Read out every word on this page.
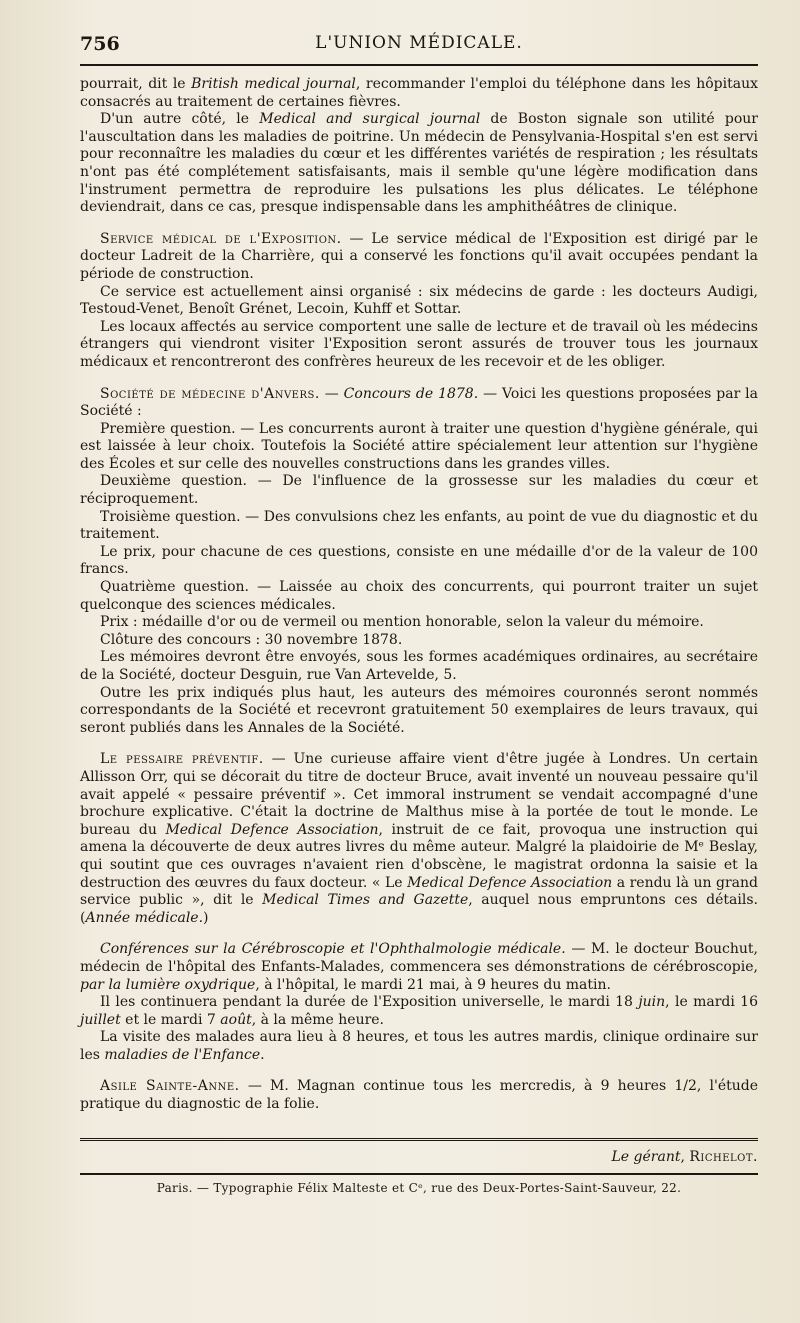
756	L'UNION MÉDICALE.

pourrait, dit le British medical journal, recommander l'emploi du téléphone dans les hôpitaux consacrés au traitement de certaines fièvres.

D'un autre côté, le Medical and surgical journal de Boston signale son utilité pour l'auscultation dans les maladies de poitrine. Un médecin de Pensylvania-Hospital s'en est servi pour reconnaître les maladies du cœur et les différentes variétés de respiration ; les résultats n'ont pas été complétement satisfaisants, mais il semble qu'une légère modification dans l'instrument permettra de reproduire les pulsations les plus délicates. Le téléphone deviendrait, dans ce cas, presque indispensable dans les amphithéâtres de clinique.

Service médical de l'Exposition. — Le service médical de l'Exposition est dirigé par le docteur Ladreit de la Charrière, qui a conservé les fonctions qu'il avait occupées pendant la période de construction.

Ce service est actuellement ainsi organisé : six médecins de garde : les docteurs Audigi, Testoud-Venet, Benoît Grénet, Lecoin, Kuhff et Sottar.

Les locaux affectés au service comportent une salle de lecture et de travail où les médecins étrangers qui viendront visiter l'Exposition seront assurés de trouver tous les journaux médicaux et rencontreront des confrères heureux de les recevoir et de les obliger.

Société de médecine d'Anvers. — Concours de 1878. — Voici les questions proposées par la Société :

Première question. — Les concurrents auront à traiter une question d'hygiène générale, qui est laissée à leur choix. Toutefois la Société attire spécialement leur attention sur l'hygiène des Écoles et sur celle des nouvelles constructions dans les grandes villes.

Deuxième question. — De l'influence de la grossesse sur les maladies du cœur et réciproquement.

Troisième question. — Des convulsions chez les enfants, au point de vue du diagnostic et du traitement.

Le prix, pour chacune de ces questions, consiste en une médaille d'or de la valeur de 100 francs.

Quatrième question. — Laissée au choix des concurrents, qui pourront traiter un sujet quelconque des sciences médicales.

Prix : médaille d'or ou de vermeil ou mention honorable, selon la valeur du mémoire.

Clôture des concours : 30 novembre 1878.

Les mémoires devront être envoyés, sous les formes académiques ordinaires, au secrétaire de la Société, docteur Desguin, rue Van Artevelde, 5.

Outre les prix indiqués plus haut, les auteurs des mémoires couronnés seront nommés correspondants de la Société et recevront gratuitement 50 exemplaires de leurs travaux, qui seront publiés dans les Annales de la Société.

Le pessaire préventif. — Une curieuse affaire vient d'être jugée à Londres. Un certain Allisson Orr, qui se décorait du titre de docteur Bruce, avait inventé un nouveau pessaire qu'il avait appelé « pessaire préventif ». Cet immoral instrument se vendait accompagné d'une brochure explicative. C'était la doctrine de Malthus mise à la portée de tout le monde. Le bureau du Medical Defence Association, instruit de ce fait, provoqua une instruction qui amena la découverte de deux autres livres du même auteur. Malgré la plaidoirie de Mᵉ Beslay, qui soutint que ces ouvrages n'avaient rien d'obscène, le magistrat ordonna la saisie et la destruction des œuvres du faux docteur. « Le Medical Defence Association a rendu là un grand service public », dit le Medical Times and Gazette, auquel nous empruntons ces détails. (Année médicale.)

Conférences sur la Cérébroscopie et l'Ophthalmologie médicale. — M. le docteur Bouchut, médecin de l'hôpital des Enfants-Malades, commencera ses démonstrations de cérébroscopie, par la lumière oxydrique, à l'hôpital, le mardi 21 mai, à 9 heures du matin.

Il les continuera pendant la durée de l'Exposition universelle, le mardi 18 juin, le mardi 16 juillet et le mardi 7 août, à la même heure.

La visite des malades aura lieu à 8 heures, et tous les autres mardis, clinique ordinaire sur les maladies de l'Enfance.

Asile Sainte-Anne. — M. Magnan continue tous les mercredis, à 9 heures 1/2, l'étude pratique du diagnostic de la folie.

Le gérant, Richelot.
Paris. — Typographie Félix Malteste et Cᵉ, rue des Deux-Portes-Saint-Sauveur, 22.
